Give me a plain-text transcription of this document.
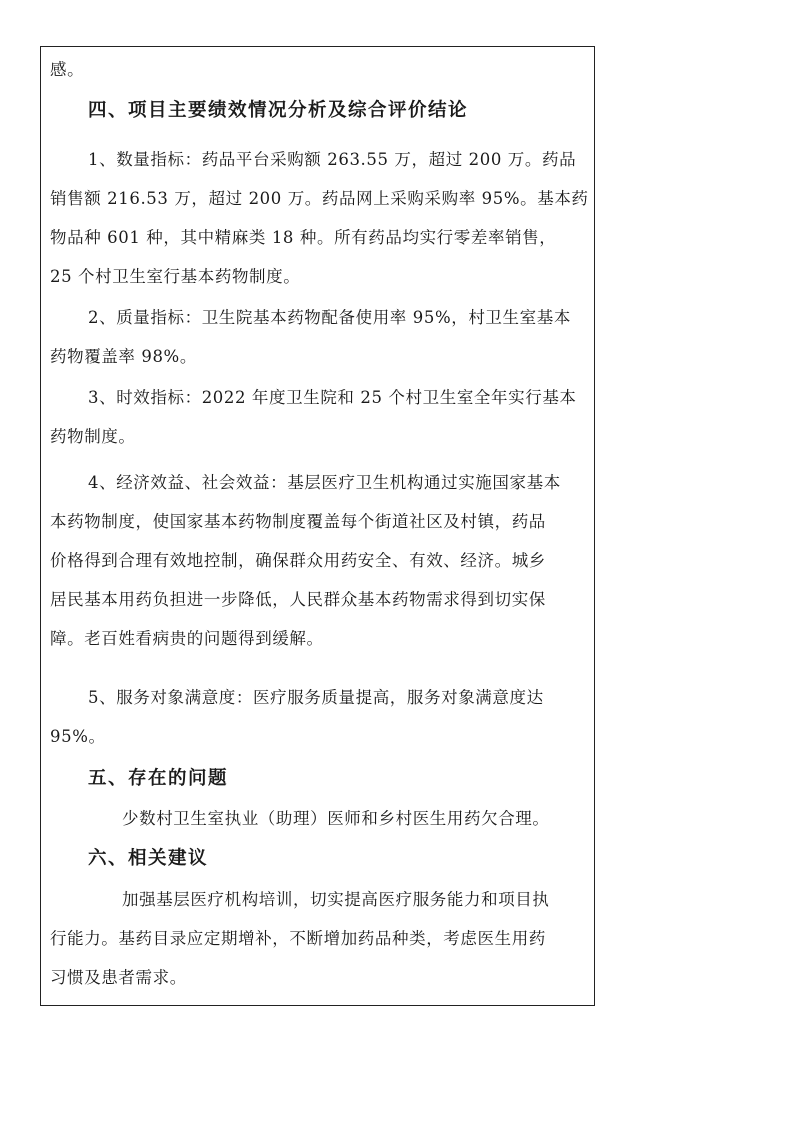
感。
四、项目主要绩效情况分析及综合评价结论
1、数量指标：药品平台采购额 263.55 万，超过 200 万。药品
销售额 216.53 万，超过 200 万。药品网上采购采购率 95%。基本药
物品种 601 种，其中精麻类 18 种。所有药品均实行零差率销售，
25 个村卫生室行基本药物制度。
2、质量指标：卫生院基本药物配备使用率 95%，村卫生室基本
药物覆盖率 98%。
3、时效指标：2022 年度卫生院和 25 个村卫生室全年实行基本
药物制度。
4、经济效益、社会效益：基层医疗卫生机构通过实施国家基本
本药物制度，使国家基本药物制度覆盖每个街道社区及村镇，药品
价格得到合理有效地控制，确保群众用药安全、有效、经济。城乡
居民基本用药负担进一步降低，人民群众基本药物需求得到切实保
障。老百姓看病贵的问题得到缓解。
5、服务对象满意度：医疗服务质量提高，服务对象满意度达
95%。
五、存在的问题
少数村卫生室执业（助理）医师和乡村医生用药欠合理。
六、相关建议
加强基层医疗机构培训，切实提高医疗服务能力和项目执
行能力。基药目录应定期增补，不断增加药品种类，考虑医生用药
习惯及患者需求。
